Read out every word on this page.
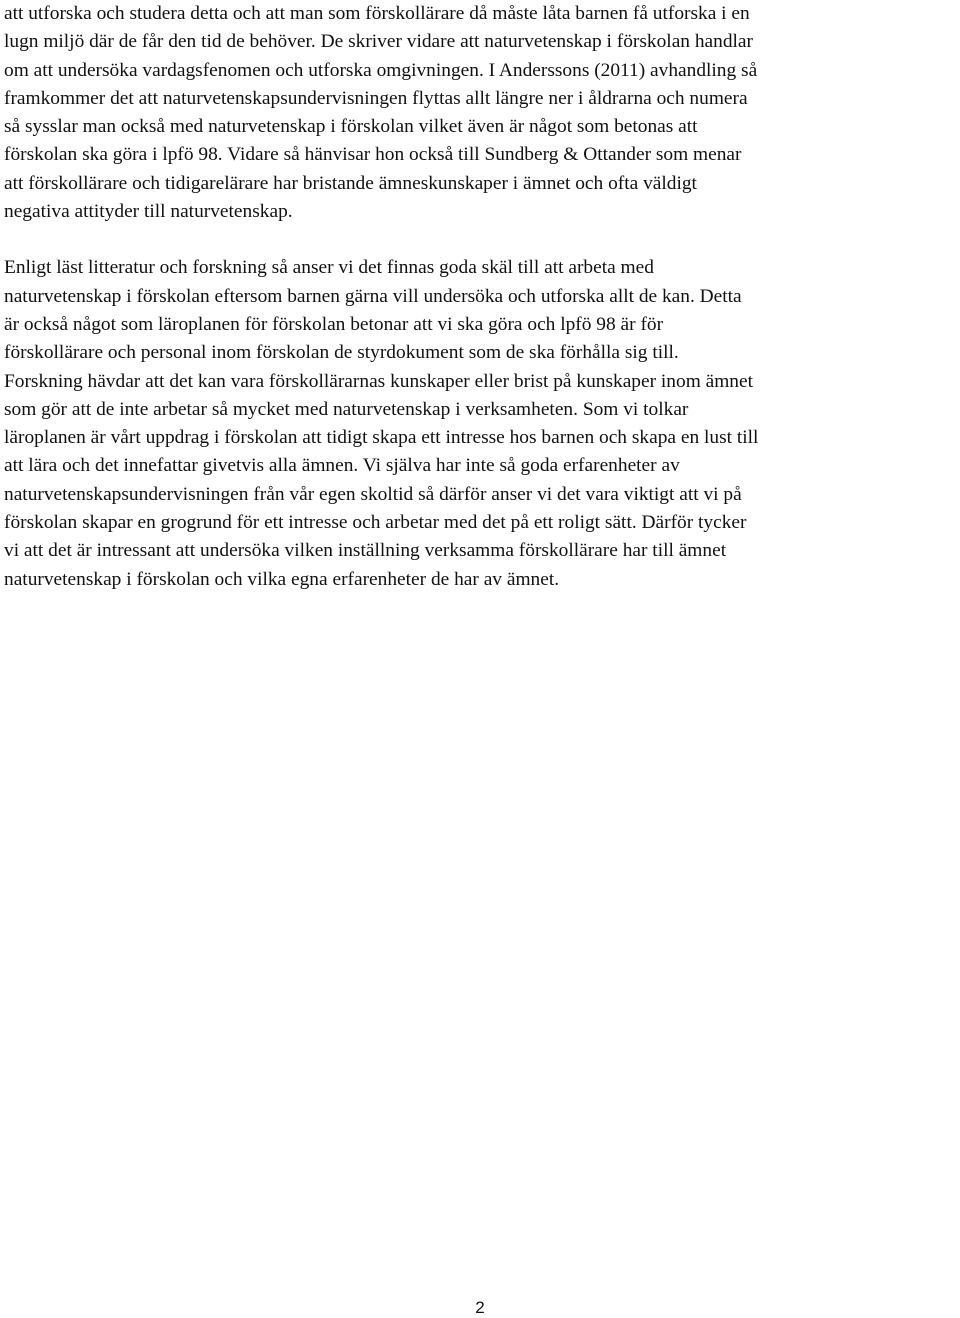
att utforska och studera detta och att man som förskollärare då måste låta barnen få utforska i en
lugn miljö där de får den tid de behöver. De skriver vidare att naturvetenskap i förskolan handlar
om att undersöka vardagsfenomen och utforska omgivningen. I Anderssons (2011) avhandling så
framkommer det att naturvetenskapsundervisningen flyttas allt längre ner i åldrarna och numera
så sysslar man också med naturvetenskap i förskolan vilket även är något som betonas att
förskolan ska göra i lpfö 98. Vidare så hänvisar hon också till Sundberg & Ottander som menar
att förskollärare och tidigarelärare har bristande ämneskunskaper i ämnet och ofta väldigt
negativa attityder till naturvetenskap.

Enligt läst litteratur och forskning så anser vi det finnas goda skäl till att arbeta med
naturvetenskap i förskolan eftersom barnen gärna vill undersöka och utforska allt de kan. Detta
är också något som läroplanen för förskolan betonar att vi ska göra och lpfö 98 är för
förskollärare och personal inom förskolan de styrdokument som de ska förhålla sig till.
Forskning hävdar att det kan vara förskollärarnas kunskaper eller brist på kunskaper inom ämnet
som gör att de inte arbetar så mycket med naturvetenskap i verksamheten. Som vi tolkar
läroplanen är vårt uppdrag i förskolan att tidigt skapa ett intresse hos barnen och skapa en lust till
att lära och det innefattar givetvis alla ämnen. Vi själva har inte så goda erfarenheter av
naturvetenskapsundervisningen från vår egen skoltid så därför anser vi det vara viktigt att vi på
förskolan skapar en grogrund för ett intresse och arbetar med det på ett roligt sätt. Därför tycker
vi att det är intressant att undersöka vilken inställning verksamma förskollärare har till ämnet
naturvetenskap i förskolan och vilka egna erfarenheter de har av ämnet.

2
